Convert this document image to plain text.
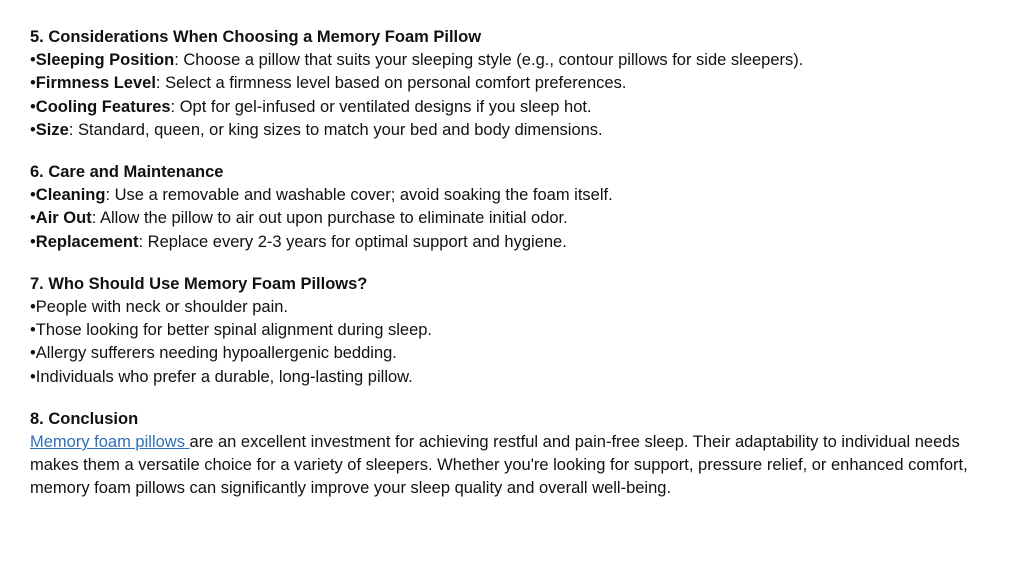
5. Considerations When Choosing a Memory Foam Pillow
•Sleeping Position: Choose a pillow that suits your sleeping style (e.g., contour pillows for side sleepers).
•Firmness Level: Select a firmness level based on personal comfort preferences.
•Cooling Features: Opt for gel-infused or ventilated designs if you sleep hot.
•Size: Standard, queen, or king sizes to match your bed and body dimensions.
6. Care and Maintenance
•Cleaning: Use a removable and washable cover; avoid soaking the foam itself.
•Air Out: Allow the pillow to air out upon purchase to eliminate initial odor.
•Replacement: Replace every 2-3 years for optimal support and hygiene.
7. Who Should Use Memory Foam Pillows?
•People with neck or shoulder pain.
•Those looking for better spinal alignment during sleep.
•Allergy sufferers needing hypoallergenic bedding.
•Individuals who prefer a durable, long-lasting pillow.
8. Conclusion
Memory foam pillows are an excellent investment for achieving restful and pain-free sleep. Their adaptability to individual needs makes them a versatile choice for a variety of sleepers. Whether you're looking for support, pressure relief, or enhanced comfort, memory foam pillows can significantly improve your sleep quality and overall well-being.
